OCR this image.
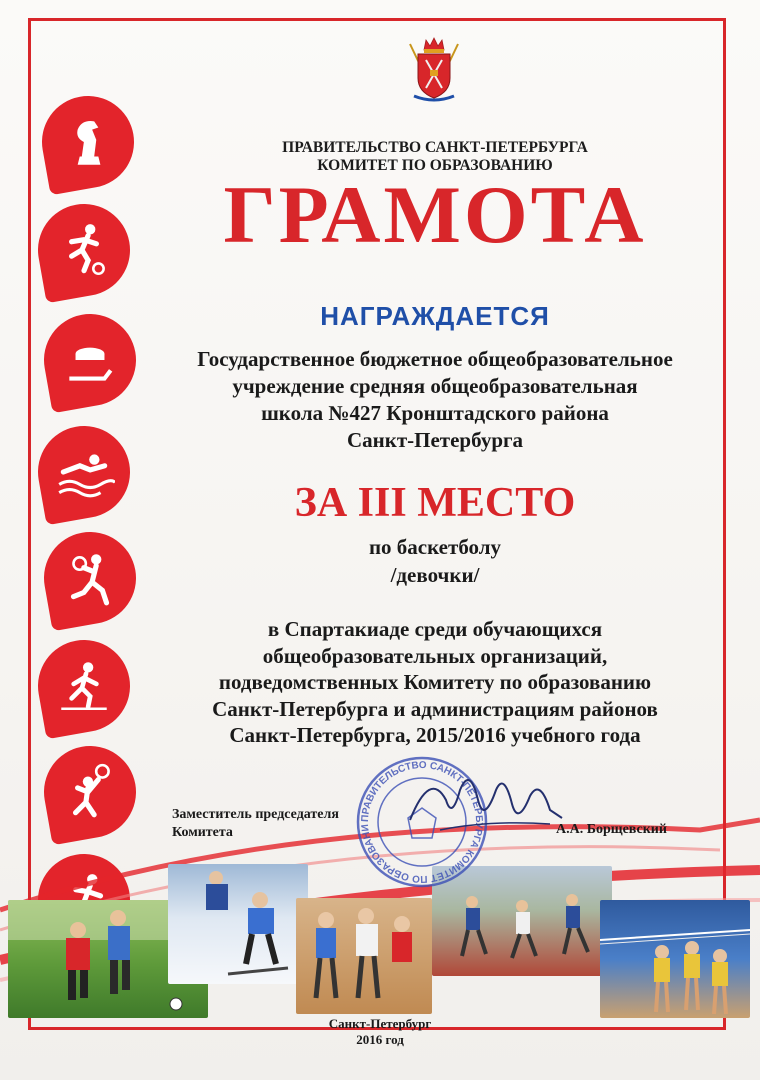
ПРАВИТЕЛЬСТВО САНКТ-ПЕТЕРБУРГА
КОМИТЕТ ПО ОБРАЗОВАНИЮ
ГРАМОТА
НАГРАЖДАЕТСЯ
Государственное бюджетное общеобразовательное
учреждение средняя общеобразовательная
школа №427 Кронштадского района
Санкт-Петербурга
ЗА III МЕСТО
по баскетболу
/девочки/
в Спартакиаде среди обучающихся
общеобразовательных организаций,
подведомственных Комитету по образованию
Санкт-Петербурга и администрациям районов
Санкт-Петербурга, 2015/2016 учебного года
ПРАВИТЕЛЬСТВО САНКТ-ПЕТЕРБУРГА КОМИТЕТ ПО ОБРАЗОВАНИ
Заместитель председателя
Комитета	А.А. Борщевский
Санкт-Петербург
2016 год
